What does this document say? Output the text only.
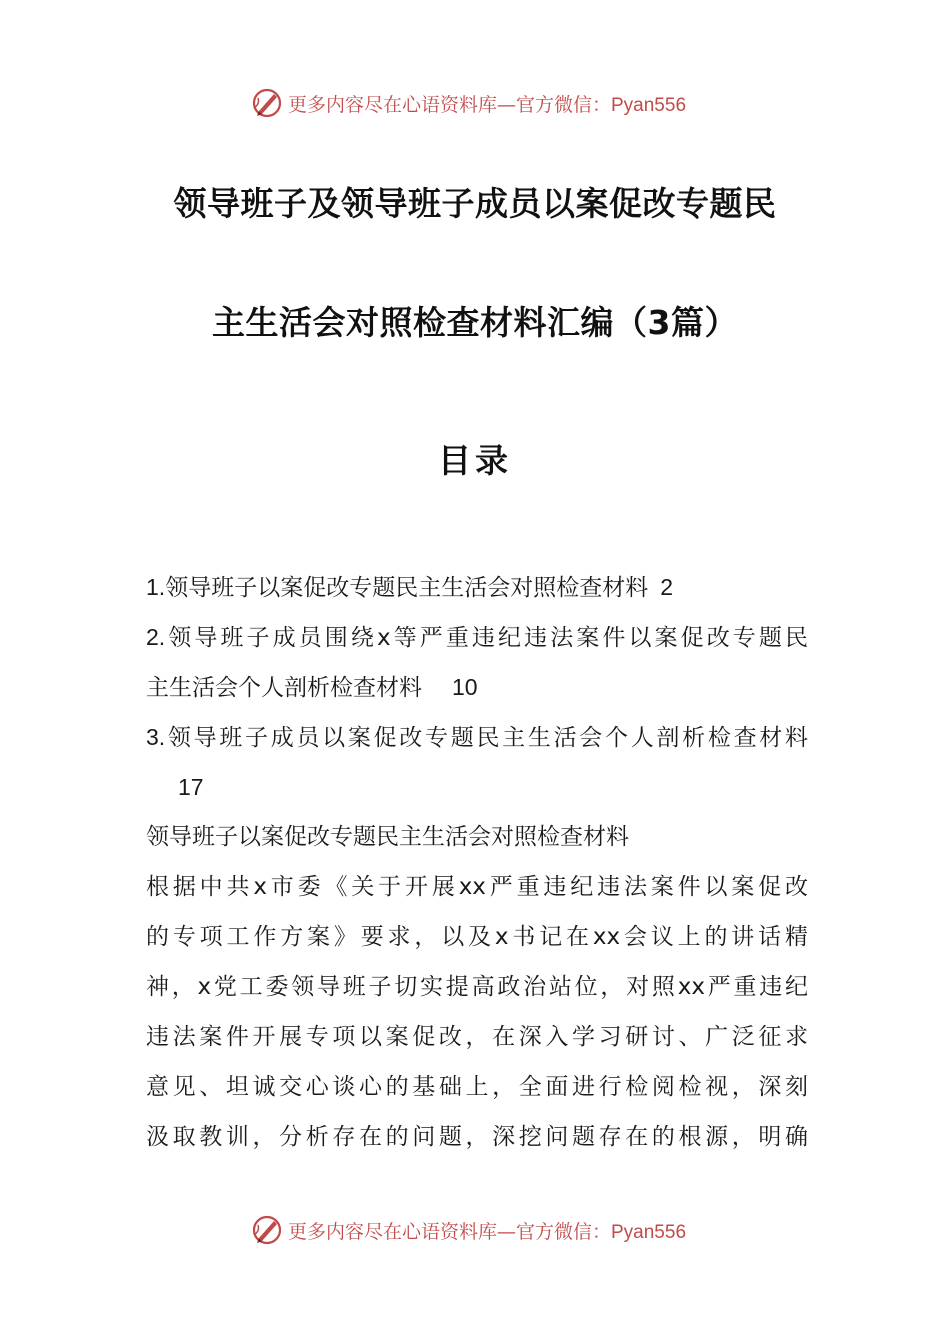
更多内容尽在心语资料库—官方微信：Pyan556
领导班子及领导班子成员以案促改专题民
主生活会对照检查材料汇编（3篇）
目录
1.领导班子以案促改专题民主生活会对照检查材料 2
2.领导班子成员围绕x等严重违纪违法案件以案促改专题民
主生活会个人剖析检查材料 10
3.领导班子成员以案促改专题民主生活会个人剖析检查材料
17
领导班子以案促改专题民主生活会对照检查材料
根据中共x市委《关于开展xx严重违纪违法案件以案促改
的专项工作方案》要求，以及x书记在xx会议上的讲话精
神，x党工委领导班子切实提高政治站位，对照xx严重违纪
违法案件开展专项以案促改，在深入学习研讨、广泛征求
意见、坦诚交心谈心的基础上，全面进行检阅检视，深刻
汲取教训，分析存在的问题，深挖问题存在的根源，明确
更多内容尽在心语资料库—官方微信：Pyan556
